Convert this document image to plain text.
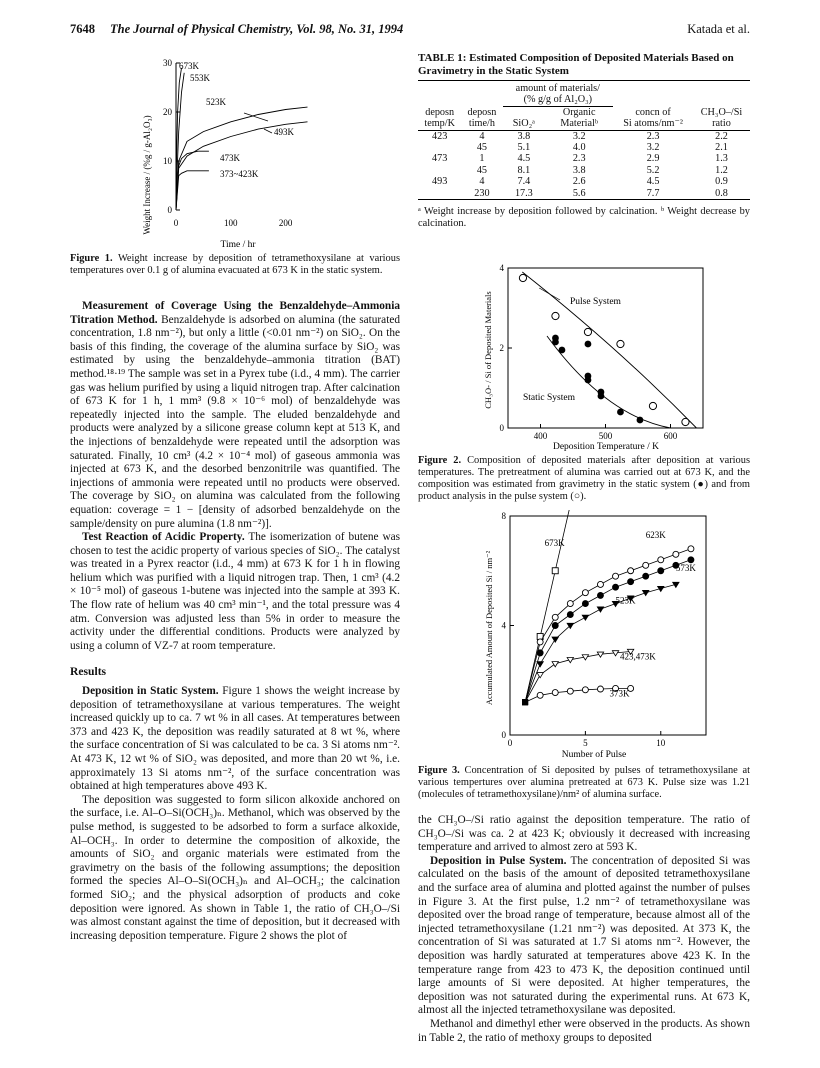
7648 The Journal of Physical Chemistry, Vol. 98, No. 31, 1994	Katada et al.
0
10
20
30
0	100	200
673K
553K
523K
493K
473K
373~423K
Weight Increase / (%g / g-Al₂O₃)
Time / hr
Figure 1. Weight increase by deposition of tetramethoxysilane at various temperatures over 0.1 g of alumina evacuated at 673 K in the static system.

Measurement of Coverage Using the Benzaldehyde–Ammonia Titration Method. Benzaldehyde is adsorbed on alumina (the saturated concentration, 1.8 nm⁻²), but only a little (<0.01 nm⁻²) on SiO₂. On the basis of this finding, the coverage of the alumina surface by SiO₂ was estimated by using the benzaldehyde–ammonia titration (BAT) method.¹⁸·¹⁹ The sample was set in a Pyrex tube (i.d., 4 mm). The carrier gas was helium purified by using a liquid nitrogen trap. After calcination of 673 K for 1 h, 1 mm³ (9.8 × 10⁻⁶ mol) of benzaldehyde was repeatedly injected into the sample. The eluded benzaldehyde and products were analyzed by a silicone grease column kept at 513 K, and the injections of benzaldehyde were repeated until the adsorption was saturated. Finally, 10 cm³ (4.2 × 10⁻⁴ mol) of gaseous ammonia was injected at 673 K, and the desorbed benzonitrile was quantified. The injections of ammonia were repeated until no products were observed. The coverage by SiO₂ on alumina was calculated from the following equation: coverage = 1 − [density of adsorbed benzaldehyde on the sample/density on pure alumina (1.8 nm⁻²)].

Test Reaction of Acidic Property. The isomerization of butene was chosen to test the acidic property of various species of SiO₂. The catalyst was treated in a Pyrex reactor (i.d., 4 mm) at 673 K for 1 h in flowing helium which was purified with a liquid nitrogen trap. Then, 1 cm³ (4.2 × 10⁻⁵ mol) of gaseous 1-butene was injected into the sample at 393 K. The flow rate of helium was 40 cm³ min⁻¹, and the total pressure was 4 atm. Conversion was adjusted less than 5% in order to measure the activity under the differential conditions. Products were analyzed by using a column of VZ-7 at room temperature.

Results

Deposition in Static System. Figure 1 shows the weight increase by deposition of tetramethoxysilane at various temperatures. The weight increased quickly up to ca. 7 wt % in all cases. At temperatures between 373 and 423 K, the deposition was readily saturated at 8 wt %, where the surface concentration of Si was calculated to be ca. 3 Si atoms nm⁻². At 473 K, 12 wt % of SiO₂ was deposited, and more than 20 wt %, i.e. approximately 13 Si atoms nm⁻², of the surface concentration was obtained at high temperatures above 493 K.

The deposition was suggested to form silicon alkoxide anchored on the surface, i.e. Al–O–Si(OCH₃)ₙ. Methanol, which was observed by the pulse method, is suggested to be adsorbed to form a surface alkoxide, Al–OCH₃. In order to determine the composition of alkoxide, the amounts of SiO₂ and organic materials were estimated from the gravimetry on the basis of the following assumptions; the deposition formed the species Al–O–Si(OCH₃)ₙ and Al–OCH₃; the calcination formed SiO₂; and the physical adsorption of products and coke deposition were ignored. As shown in Table 1, the ratio of CH₃O–/Si was almost constant against the time of deposition, but it decreased with increasing deposition temperature. Figure 2 shows the plot of

TABLE 1: Estimated Composition of Deposited Materials Based on Gravimetry in the Static System
		amount of materials/			
		(% g/g of Al₂O₃)			
deposn	deposn		Organic	concn of	CH₃O–/Si
temp/K	time/h	SiO₂ᵃ	Materialᵇ	Si atoms/nm⁻²	ratio
423	4	3.8	3.2	2.3	2.2
	45	5.1	4.0	3.2	2.1
473	1	4.5	2.3	2.9	1.3
	45	8.1	3.8	5.2	1.2
493	4	7.4	2.6	4.5	0.9
	230	17.3	5.6	7.7	0.8
ᵃ Weight increase by deposition followed by calcination. ᵇ Weight decrease by calcination.
0
2
4
400	500	600
CH₃O- / Si of Deposited Materials
Deposition Temperature / K
Pulse System
Static System
Figure 2. Composition of deposited materials after deposition at various temperatures. The pretreatment of alumina was carried out at 673 K, and the composition was estimated from gravimetry in the static system (●) and from product analysis in the pulse system (○).
0
4
8
0	5	10
673K
623K
573K
523K
423,473K
373K
Accumulated Amount of Deposited Si / nm⁻²
Number of Pulse
Figure 3. Concentration of Si deposited by pulses of tetramethoxysilane at various tempertures over alumina pretreated at 673 K. Pulse size was 1.21 (molecules of tetramethoxysilane)/nm² of alumina surface.

the CH₃O–/Si ratio against the deposition temperature. The ratio of CH₃O–/Si was ca. 2 at 423 K; obviously it decreased with increasing temperature and arrived to almost zero at 593 K.

Deposition in Pulse System. The concentration of deposited Si was calculated on the basis of the amount of deposited tetramethoxysilane and the surface area of alumina and plotted against the number of pulses in Figure 3. At the first pulse, 1.2 nm⁻² of tetramethoxysilane was deposited over the broad range of temperature, because almost all of the injected tetramethoxysilane (1.21 nm⁻²) was deposited. At 373 K, the concentration of Si was saturated at 1.7 Si atoms nm⁻². However, the deposition was hardly saturated at temperatures above 423 K. In the temperature range from 423 to 473 K, the deposition continued until large amounts of Si were deposited. At higher temperatures, the deposition was not saturated during the experimental runs. At 673 K, almost all the injected tetramethoxysilane was deposited.

Methanol and dimethyl ether were observed in the products. As shown in Table 2, the ratio of methoxy groups to deposited
